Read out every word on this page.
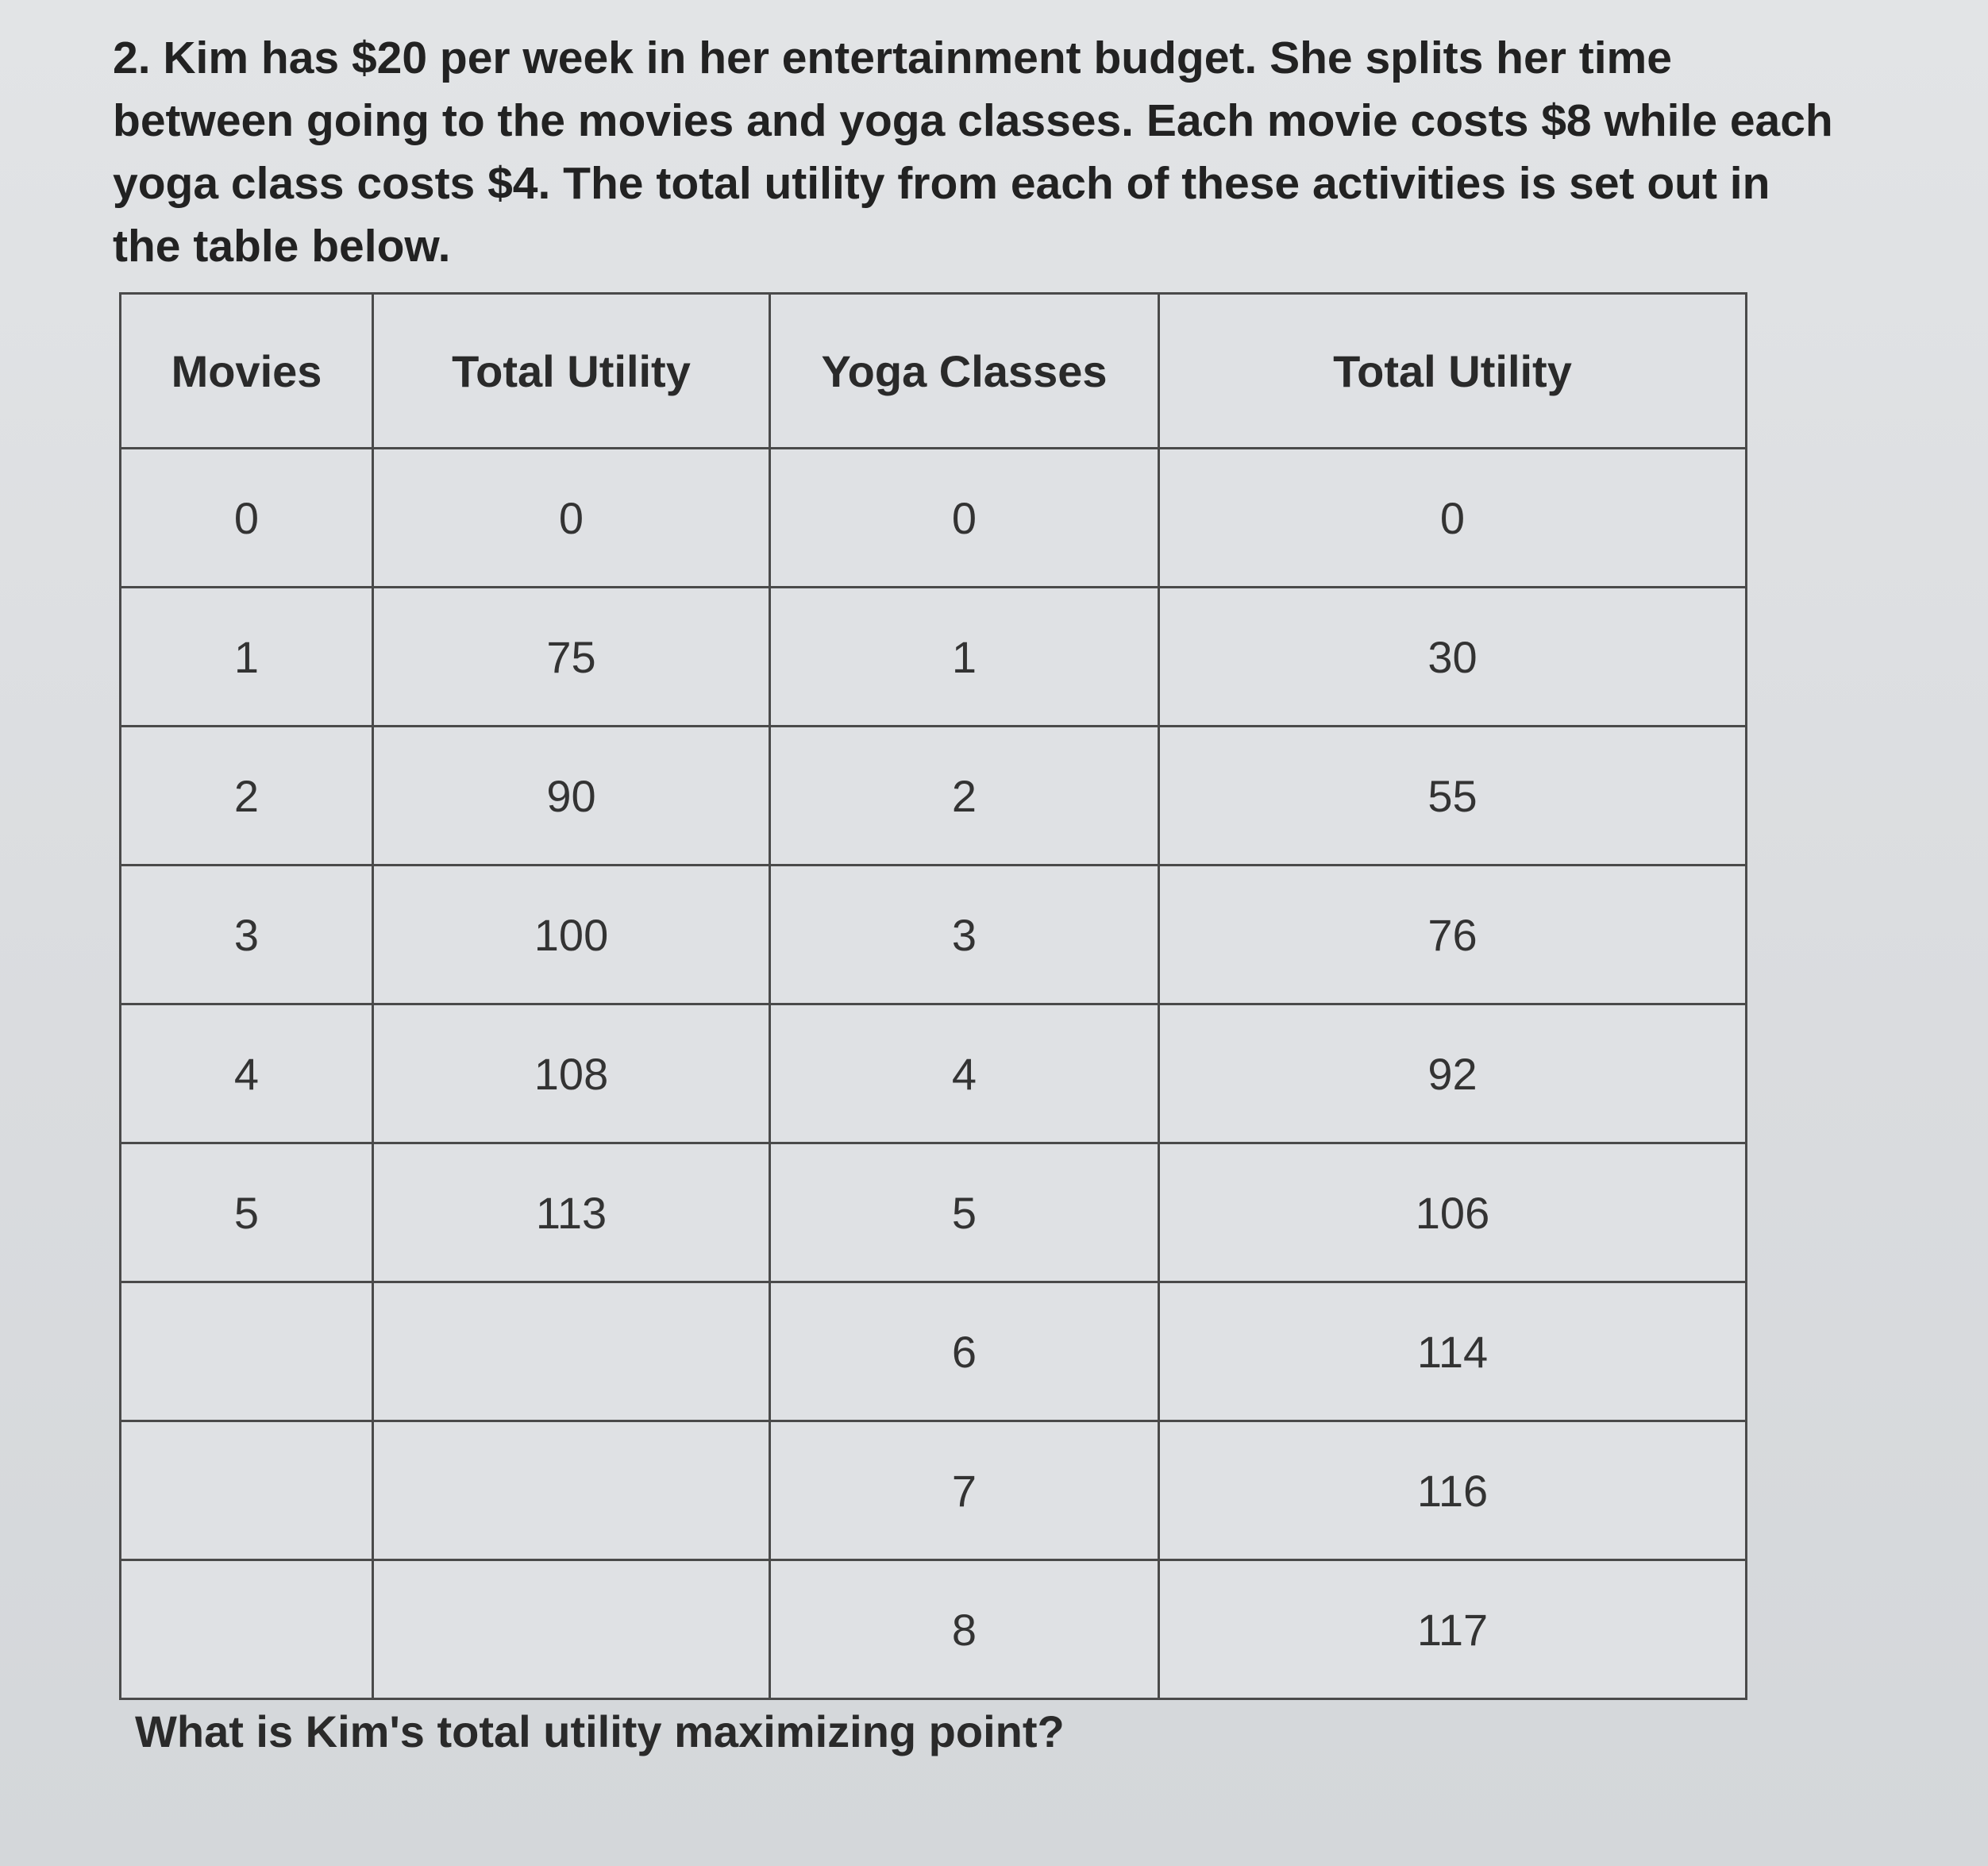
2. Kim has $20 per week in her entertainment budget. She splits her time between going to the movies and yoga classes. Each movie costs $8 while each yoga class costs $4. The total utility from each of these activities is set out in the table below.

Movies	Total Utility	Yoga Classes	Total Utility
0	0	0	0
1	75	1	30
2	90	2	55
3	100	3	76
4	108	4	92
5	113	5	106
		6	114
		7	116
		8	117

What is Kim's total utility maximizing point?
